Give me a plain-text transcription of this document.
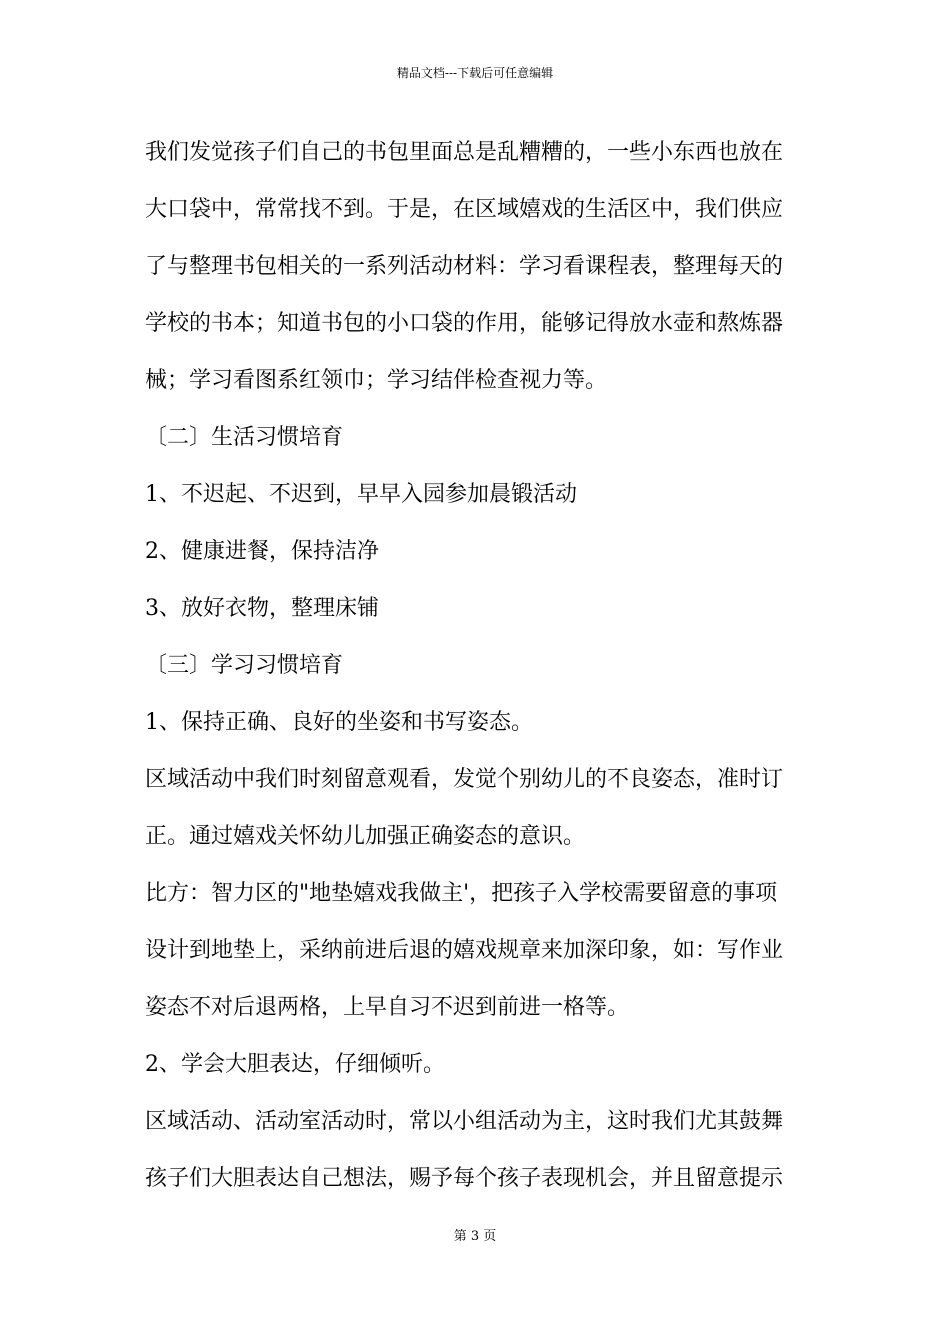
精品文档---下载后可任意编辑
我们发觉孩子们自己的书包里面总是乱糟糟的，一些小东西也放在
大口袋中，常常找不到。于是，在区域嬉戏的生活区中，我们供应
了与整理书包相关的一系列活动材料：学习看课程表，整理每天的
学校的书本；知道书包的小口袋的作用，能够记得放水壶和熬炼器
械；学习看图系红领巾；学习结伴检查视力等。
〔二〕生活习惯培育
1、不迟起、不迟到，早早入园参加晨锻活动
2、健康进餐，保持洁净
3、放好衣物，整理床铺
〔三〕学习习惯培育
1、保持正确、良好的坐姿和书写姿态。
区域活动中我们时刻留意观看，发觉个别幼儿的不良姿态，准时订
正。通过嬉戏关怀幼儿加强正确姿态的意识。
比方：智力区的"地垫嬉戏我做主'，把孩子入学校需要留意的事项
设计到地垫上，采纳前进后退的嬉戏规章来加深印象，如：写作业
姿态不对后退两格，上早自习不迟到前进一格等。
2、学会大胆表达，仔细倾听。
区域活动、活动室活动时，常以小组活动为主，这时我们尤其鼓舞
孩子们大胆表达自己想法，赐予每个孩子表现机会，并且留意提示
第 3 页
